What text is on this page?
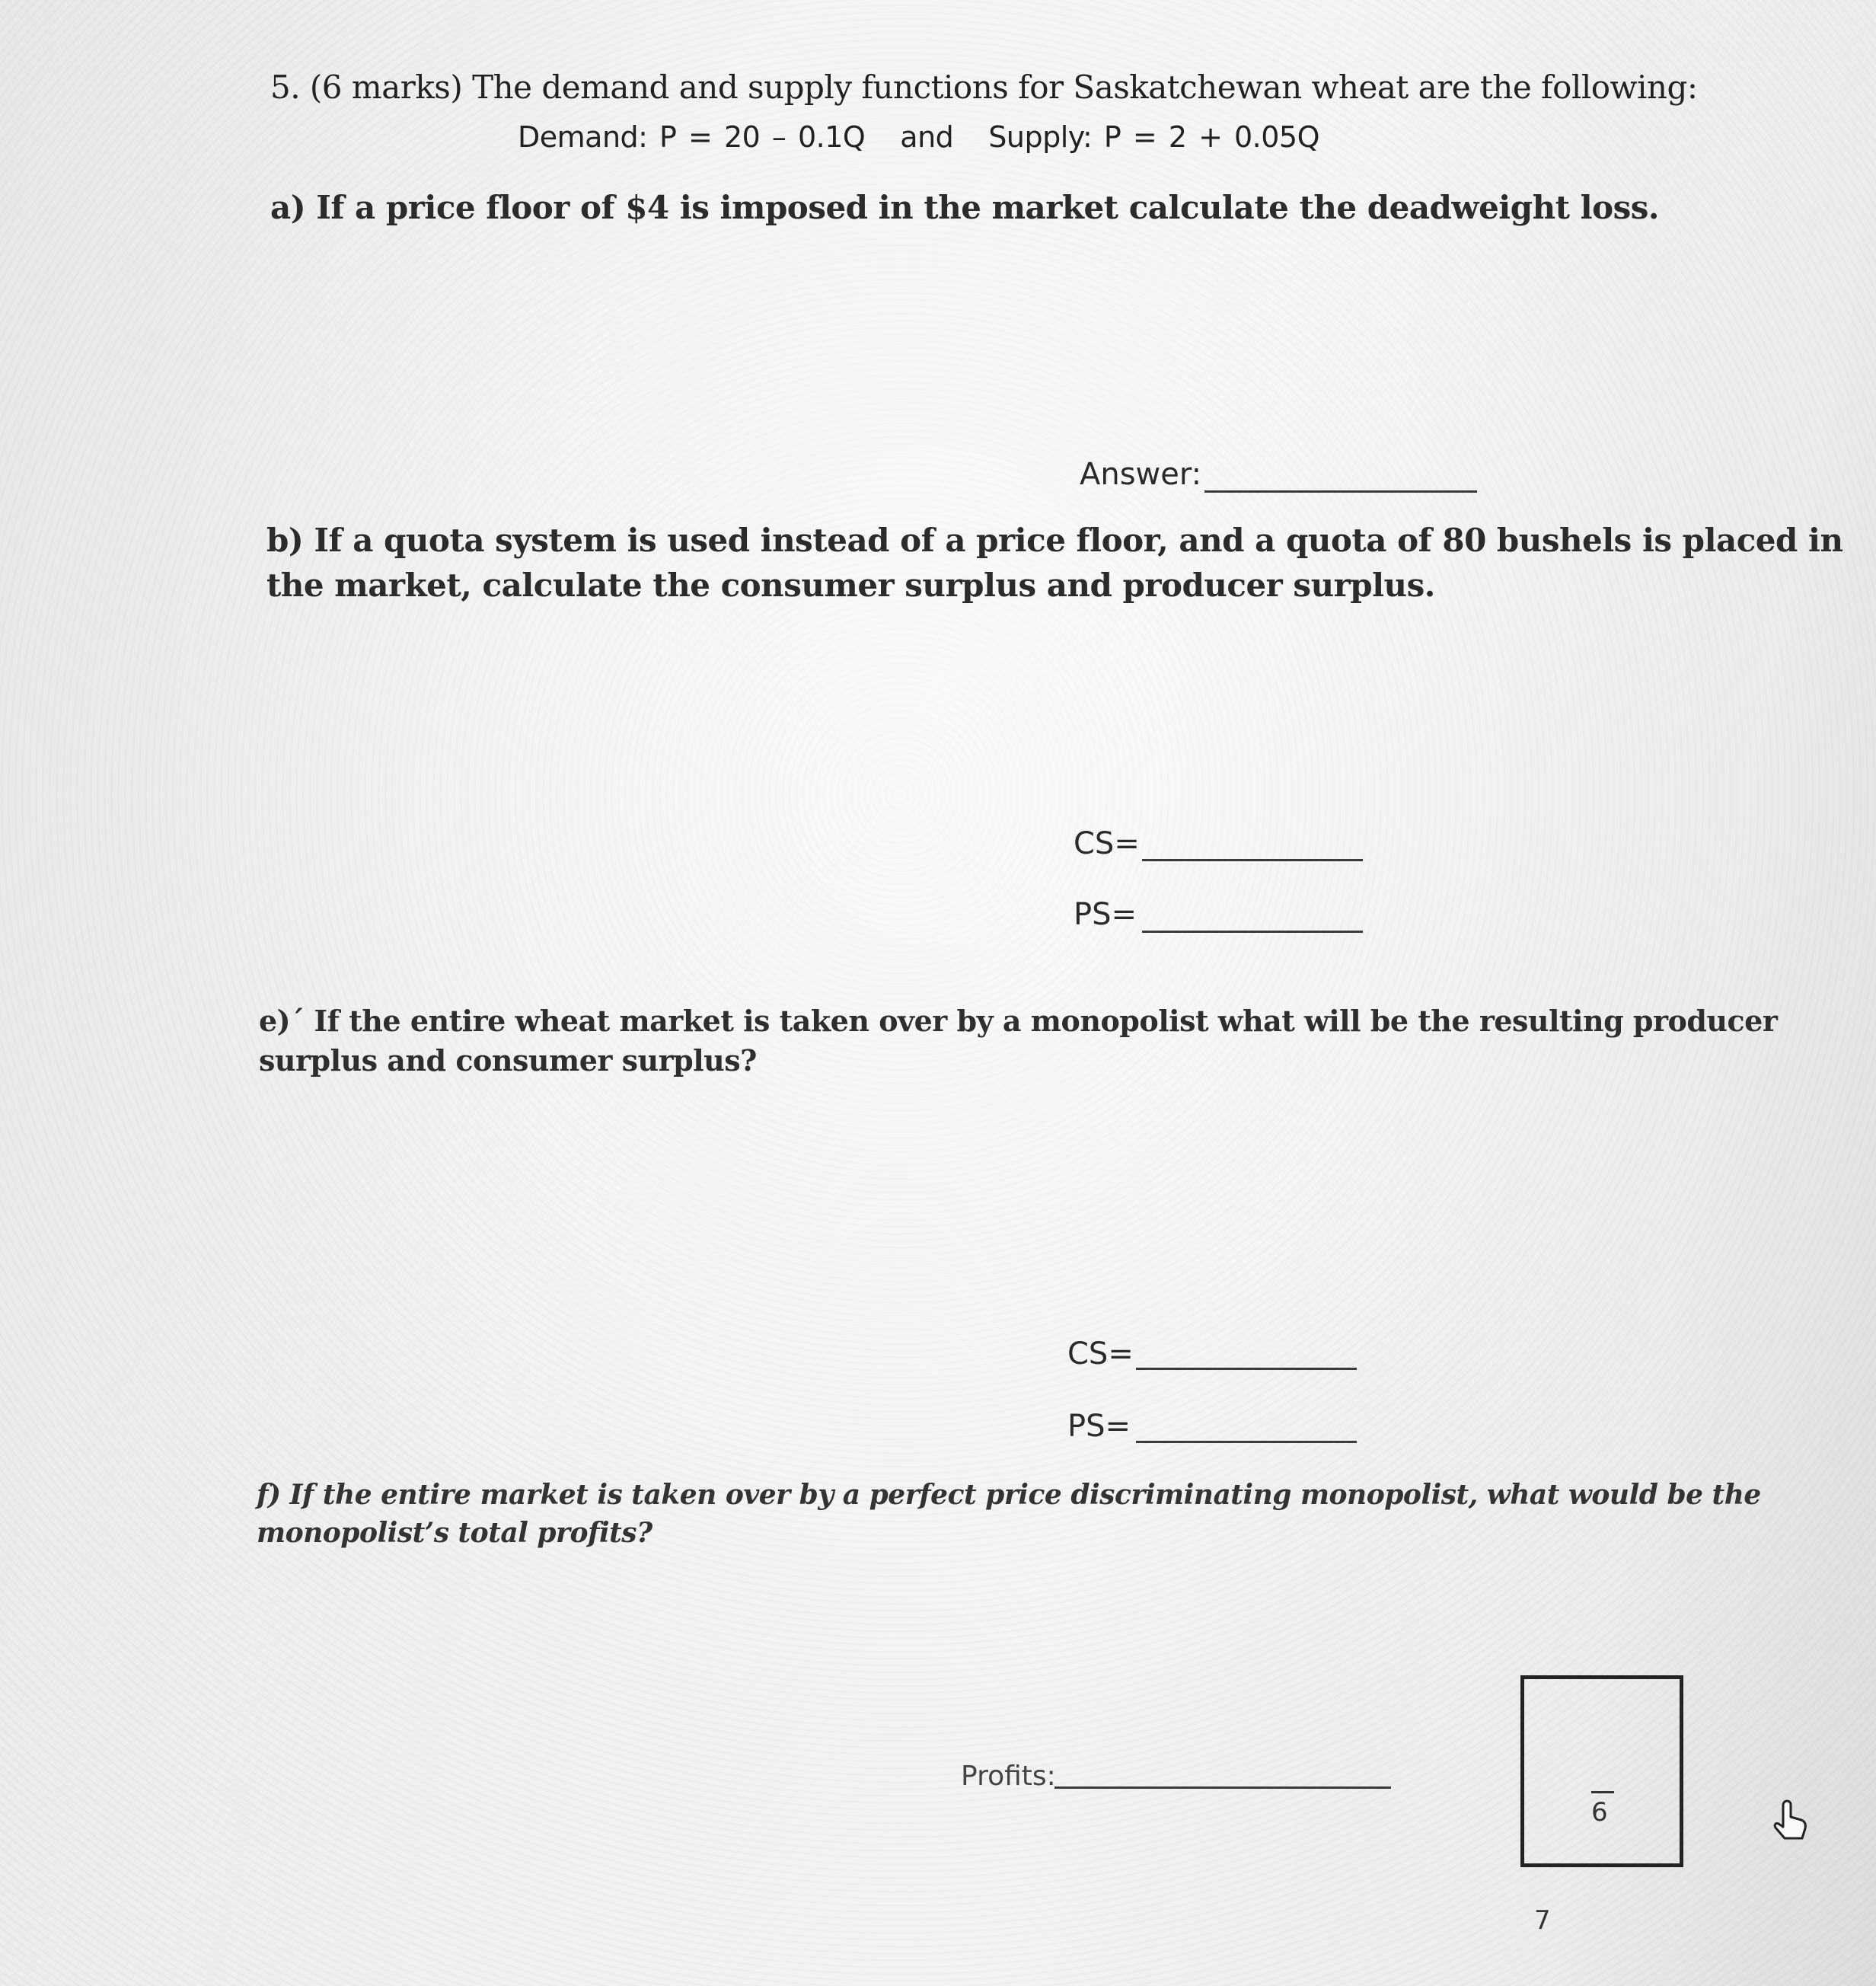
5. (6 marks) The demand and supply functions for Saskatchewan wheat are the following:
Demand: P = 20 – 0.1Q and Supply: P = 2 + 0.05Q
a) If a price floor of $4 is imposed in the market calculate the deadweight loss.
Answer:
b) If a quota system is used instead of a price floor, and a quota of 80 bushels is placed in
the market, calculate the consumer surplus and producer surplus.
CS=
PS=
e)´ If the entire wheat market is taken over by a monopolist what will be the resulting producer
surplus and consumer surplus?
CS=
PS=
f) If the entire market is taken over by a perfect price discriminating monopolist, what would be the
monopolist’s total profits?
Profits:
6
7
